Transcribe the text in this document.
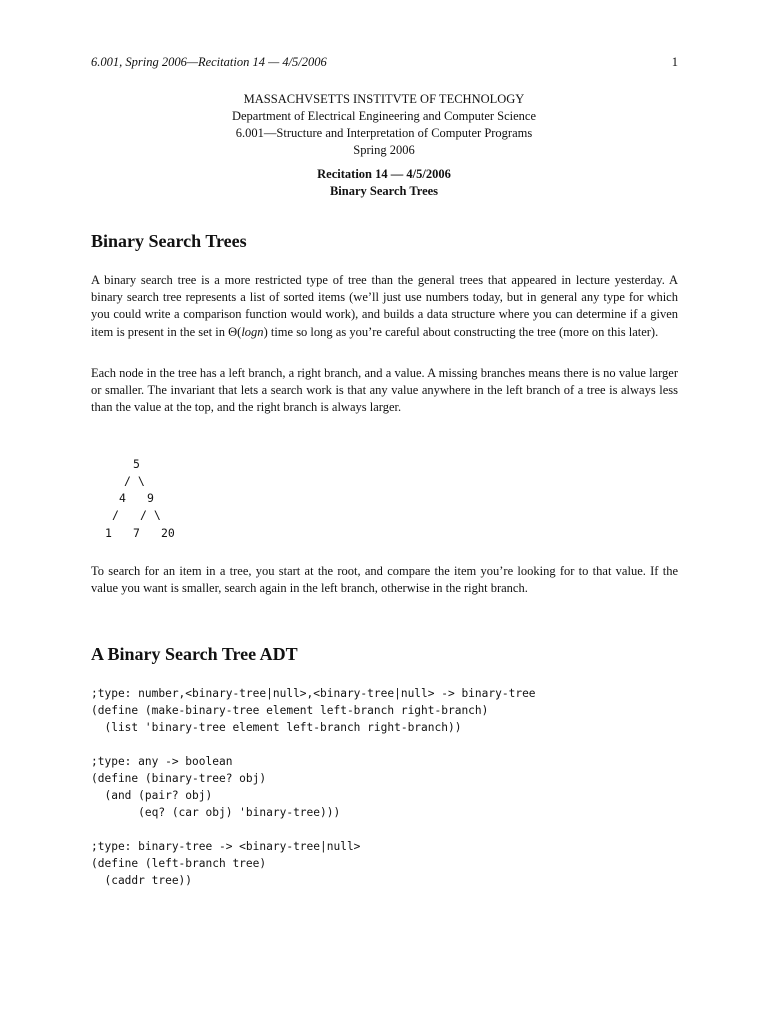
6.001, Spring 2006—Recitation 14 — 4/5/2006	1
MASSACHVSETTS INSTITVTE OF TECHNOLOGY
Department of Electrical Engineering and Computer Science
6.001—Structure and Interpretation of Computer Programs
Spring 2006
Recitation 14 — 4/5/2006
Binary Search Trees
Binary Search Trees

A binary search tree is a more restricted type of tree than the general trees that appeared in lecture yesterday. A binary search tree represents a list of sorted items (we’ll just use numbers today, but in general any type for which you could write a comparison function would work), and builds a data structure where you can determine if a given item is present in the set in Θ(logn) time so long as you’re careful about constructing the tree (more on this later).

Each node in the tree has a left branch, a right branch, and a value. A missing branches means there is no value larger or smaller. The invariant that lets a search work is that any value anywhere in the left branch of a tree is always less than the value at the top, and the right branch is always larger.

5
/ \
4 9
/ / \
1 7 20

To search for an item in a tree, you start at the root, and compare the item you’re looking for to that value. If the value you want is smaller, search again in the left branch, otherwise in the right branch.

A Binary Search Tree ADT
;type: number,<binary-tree|null>,<binary-tree|null> -> binary-tree
(define (make-binary-tree element left-branch right-branch)
(list 'binary-tree element left-branch right-branch))
;type: any -> boolean
(define (binary-tree? obj)
(and (pair? obj)
(eq? (car obj) 'binary-tree)))
;type: binary-tree -> <binary-tree|null>
(define (left-branch tree)
(caddr tree))
